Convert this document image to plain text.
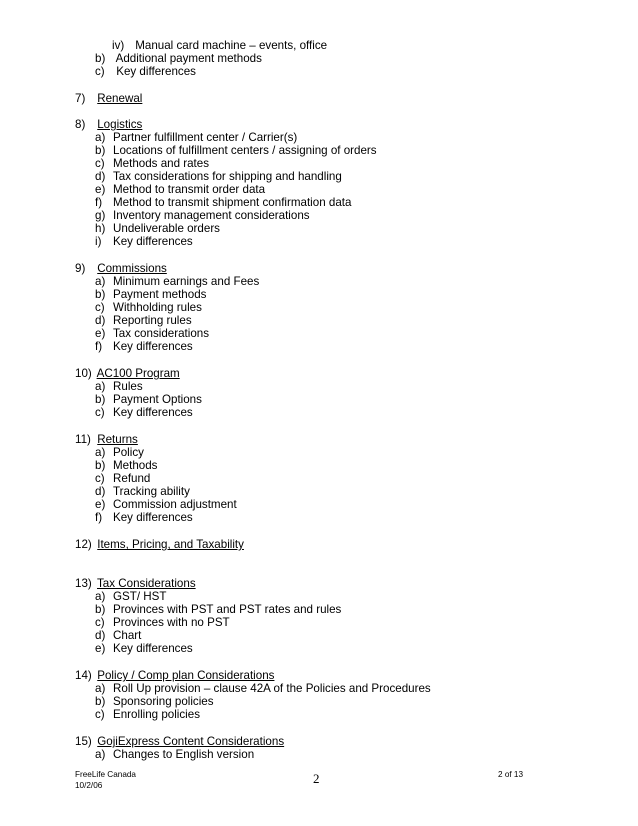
iv) Manual card machine – events, office
b) Additional payment methods
c) Key differences
7) Renewal
8) Logistics
a) Partner fulfillment center / Carrier(s)
b) Locations of fulfillment centers / assigning of orders
c) Methods and rates
d) Tax considerations for shipping and handling
e) Method to transmit order data
f) Method to transmit shipment confirmation data
g) Inventory management considerations
h) Undeliverable orders
i) Key differences
9) Commissions
a) Minimum earnings and Fees
b) Payment methods
c) Withholding rules
d) Reporting rules
e) Tax considerations
f) Key differences
10) AC100 Program
a) Rules
b) Payment Options
c) Key differences
11) Returns
a) Policy
b) Methods
c) Refund
d) Tracking ability
e) Commission adjustment
f) Key differences
12) Items, Pricing, and Taxability
13) Tax Considerations
a) GST/ HST
b) Provinces with PST and PST rates and rules
c) Provinces with no PST
d) Chart
e) Key differences
14) Policy / Comp plan Considerations
a) Roll Up provision – clause 42A of the Policies and Procedures
b) Sponsoring policies
c) Enrolling policies
15) GojiExpress Content Considerations
a) Changes to English version
FreeLife Canada
10/2/06	2	2 of 13
